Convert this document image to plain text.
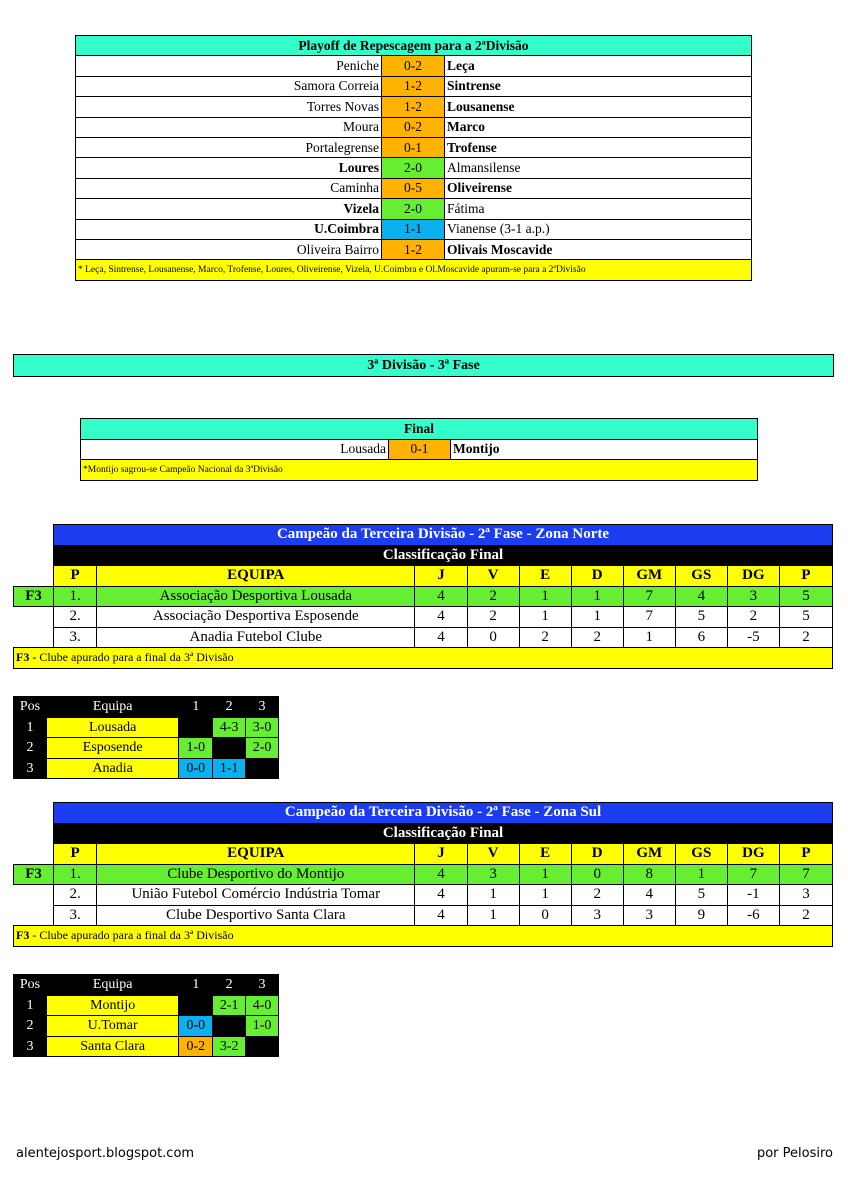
Playoff de Repescagem para a 2ªDivisão		
Peniche	0-2	Leça
Samora Correia	1-2	Sintrense
Torres Novas	1-2	Lousanense
Moura	0-2	Marco
Portalegrense	0-1	Trofense
Loures	2-0	Almansilense
Caminha	0-5	Oliveirense
Vizela	2-0	Fátima
U.Coimbra	1-1	Vianense (3-1 a.p.)
Oliveira Bairro	1-2	Olivais Moscavide
* Leça, Sintrense, Lousanense, Marco, Trofense, Loures, Oliveirense, Vizela, U.Coimbra e Ol.Moscavide apuram-se para a 2ªDivisão		
3ª Divisão - 3ª Fase
Final
Lousada	0-1	Montijo
*Montijo sagrou-se Campeão Nacional da 3ªDivisão
	Campeão da Terceira Divisão - 2ª Fase - Zona Norte									
	Classificação Final									
	P	EQUIPA	J	V	E	D	GM	GS	DG	P
F3	1.	Associação Desportiva Lousada	4	2	1	1	7	4	3	5
	2.	Associação Desportiva Esposende	4	2	1	1	7	5	2	5
	3.	Anadia Futebol Clube	4	0	2	2	1	6	-5	2
F3 - Clube apurado para a final da 3ª Divisão										
Pos	Equipa	1	2	3
1	Lousada		4-3	3-0
2	Esposende	1-0		2-0
3	Anadia	0-0	1-1	
	Campeão da Terceira Divisão - 2ª Fase - Zona Sul									
	Classificação Final									
	P	EQUIPA	J	V	E	D	GM	GS	DG	P
F3	1.	Clube Desportivo do Montijo	4	3	1	0	8	1	7	7
	2.	União Futebol Comércio Indústria Tomar	4	1	1	2	4	5	-1	3
	3.	Clube Desportivo Santa Clara	4	1	0	3	3	9	-6	2
F3 - Clube apurado para a final da 3ª Divisão										
Pos	Equipa	1	2	3
1	Montijo		2-1	4-0
2	U.Tomar	0-0		1-0
3	Santa Clara	0-2	3-2	
alentejosport.blogspot.com	por Pelosiro
